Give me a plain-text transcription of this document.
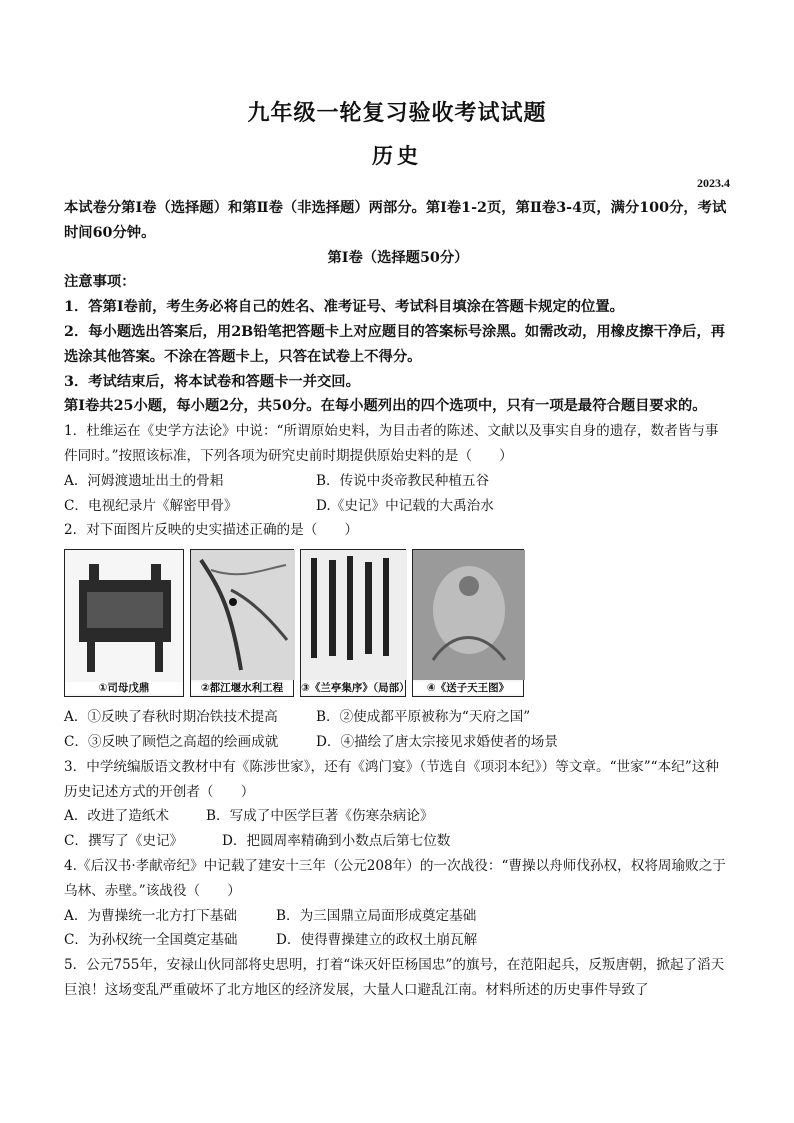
九年级一轮复习验收考试试题
历史
2023.4

本试卷分第Ⅰ卷（选择题）和第Ⅱ卷（非选择题）两部分。第Ⅰ卷1-2页，第Ⅱ卷3-4页，满分100分，考试时间60分钟。

第Ⅰ卷（选择题50分）

注意事项：

1．答第Ⅰ卷前，考生务必将自己的姓名、准考证号、考试科目填涂在答题卡规定的位置。

2．每小题选出答案后，用2B铅笔把答题卡上对应题目的答案标号涂黑。如需改动，用橡皮擦干净后，再选涂其他答案。不涂在答题卡上，只答在试卷上不得分。

3．考试结束后，将本试卷和答题卡一并交回。

第Ⅰ卷共25小题，每小题2分，共50分。在每小题列出的四个选项中，只有一项是最符合题目要求的。

1．杜维运在《史学方法论》中说：“所谓原始史料，为目击者的陈述、文献以及事实自身的遗存，数者皆与事件同时。”按照该标准，下列各项为研究史前时期提供原始史料的是（　　）

A．河姆渡遗址出土的骨耜	B．传说中炎帝教民种植五谷
C．电视纪录片《解密甲骨》	D.《史记》中记载的大禹治水

2．对下面图片反映的史实描述正确的是（　　）

①司母戊鼎	②都江堰水利工程	③《兰亭集序》（局部）	④《送子天王图》
A．①反映了春秋时期冶铁技术提高	B．②使成都平原被称为“天府之国”
C．③反映了顾恺之高超的绘画成就	D．④描绘了唐太宗接见求婚使者的场景

3．中学统编版语文教材中有《陈涉世家》，还有《鸿门宴》（节选自《项羽本纪》）等文章。“世家”“本纪”这种历史记述方式的开创者（　　）

A．改进了造纸术	B．写成了中医学巨著《伤寒杂病论》
C．撰写了《史记》	D．把圆周率精确到小数点后第七位数

4.《后汉书·孝献帝纪》中记载了建安十三年（公元208年）的一次战役：“曹操以舟师伐孙权，权将周瑜败之于乌林、赤壁。”该战役（　　）

A．为曹操统一北方打下基础	B．为三国鼎立局面形成奠定基础
C．为孙权统一全国奠定基础	D．使得曹操建立的政权土崩瓦解

5．公元755年，安禄山伙同部将史思明，打着“诛灭奸臣杨国忠”的旗号，在范阳起兵，反叛唐朝，掀起了滔天巨浪！这场变乱严重破坏了北方地区的经济发展，大量人口避乱江南。材料所述的历史事件导致了
